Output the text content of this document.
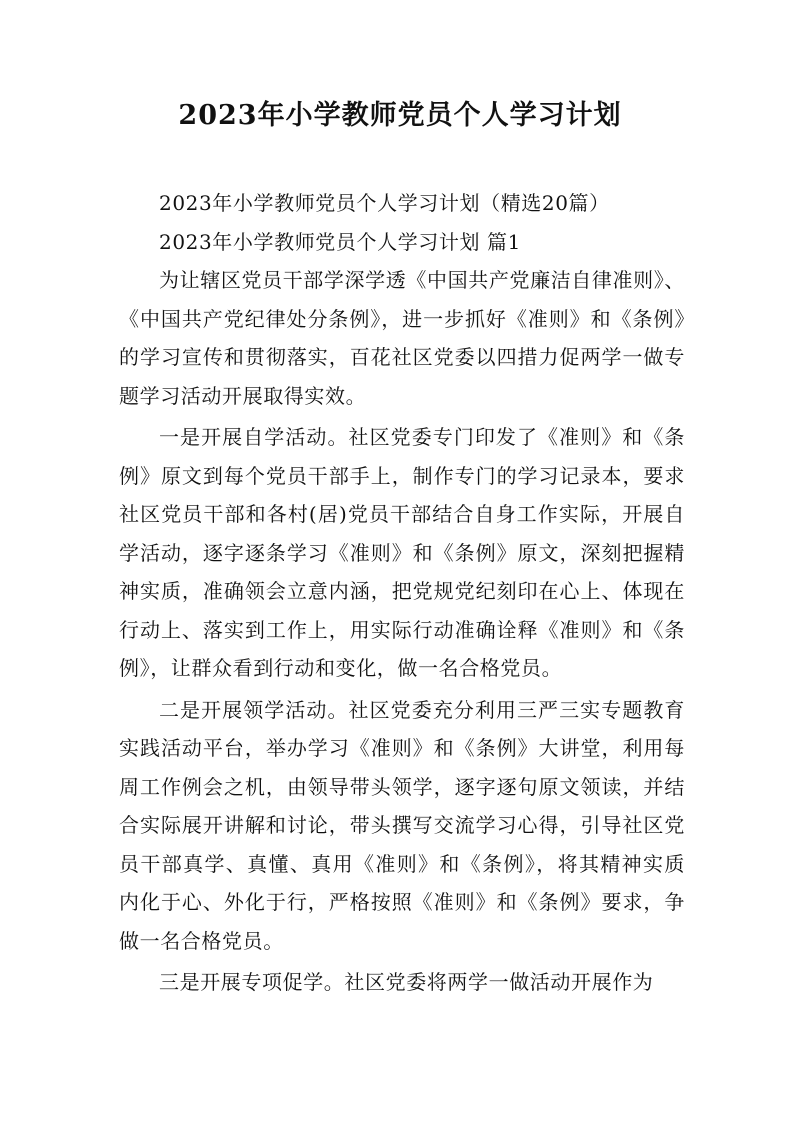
2023年小学教师党员个人学习计划

2023年小学教师党员个人学习计划（精选20篇）

2023年小学教师党员个人学习计划 篇1

为让辖区党员干部学深学透《中国共产党廉洁自律准则》、《中国共产党纪律处分条例》，进一步抓好《准则》和《条例》的学习宣传和贯彻落实，百花社区党委以四措力促两学一做专题学习活动开展取得实效。

一是开展自学活动。社区党委专门印发了《准则》和《条例》原文到每个党员干部手上，制作专门的学习记录本，要求社区党员干部和各村(居)党员干部结合自身工作实际，开展自学活动，逐字逐条学习《准则》和《条例》原文，深刻把握精神实质，准确领会立意内涵，把党规党纪刻印在心上、体现在行动上、落实到工作上，用实际行动准确诠释《准则》和《条例》，让群众看到行动和变化，做一名合格党员。

二是开展领学活动。社区党委充分利用三严三实专题教育实践活动平台，举办学习《准则》和《条例》大讲堂，利用每周工作例会之机，由领导带头领学，逐字逐句原文领读，并结合实际展开讲解和讨论，带头撰写交流学习心得，引导社区党员干部真学、真懂、真用《准则》和《条例》，将其精神实质内化于心、外化于行，严格按照《准则》和《条例》要求，争做一名合格党员。

三是开展专项促学。社区党委将两学一做活动开展作为
